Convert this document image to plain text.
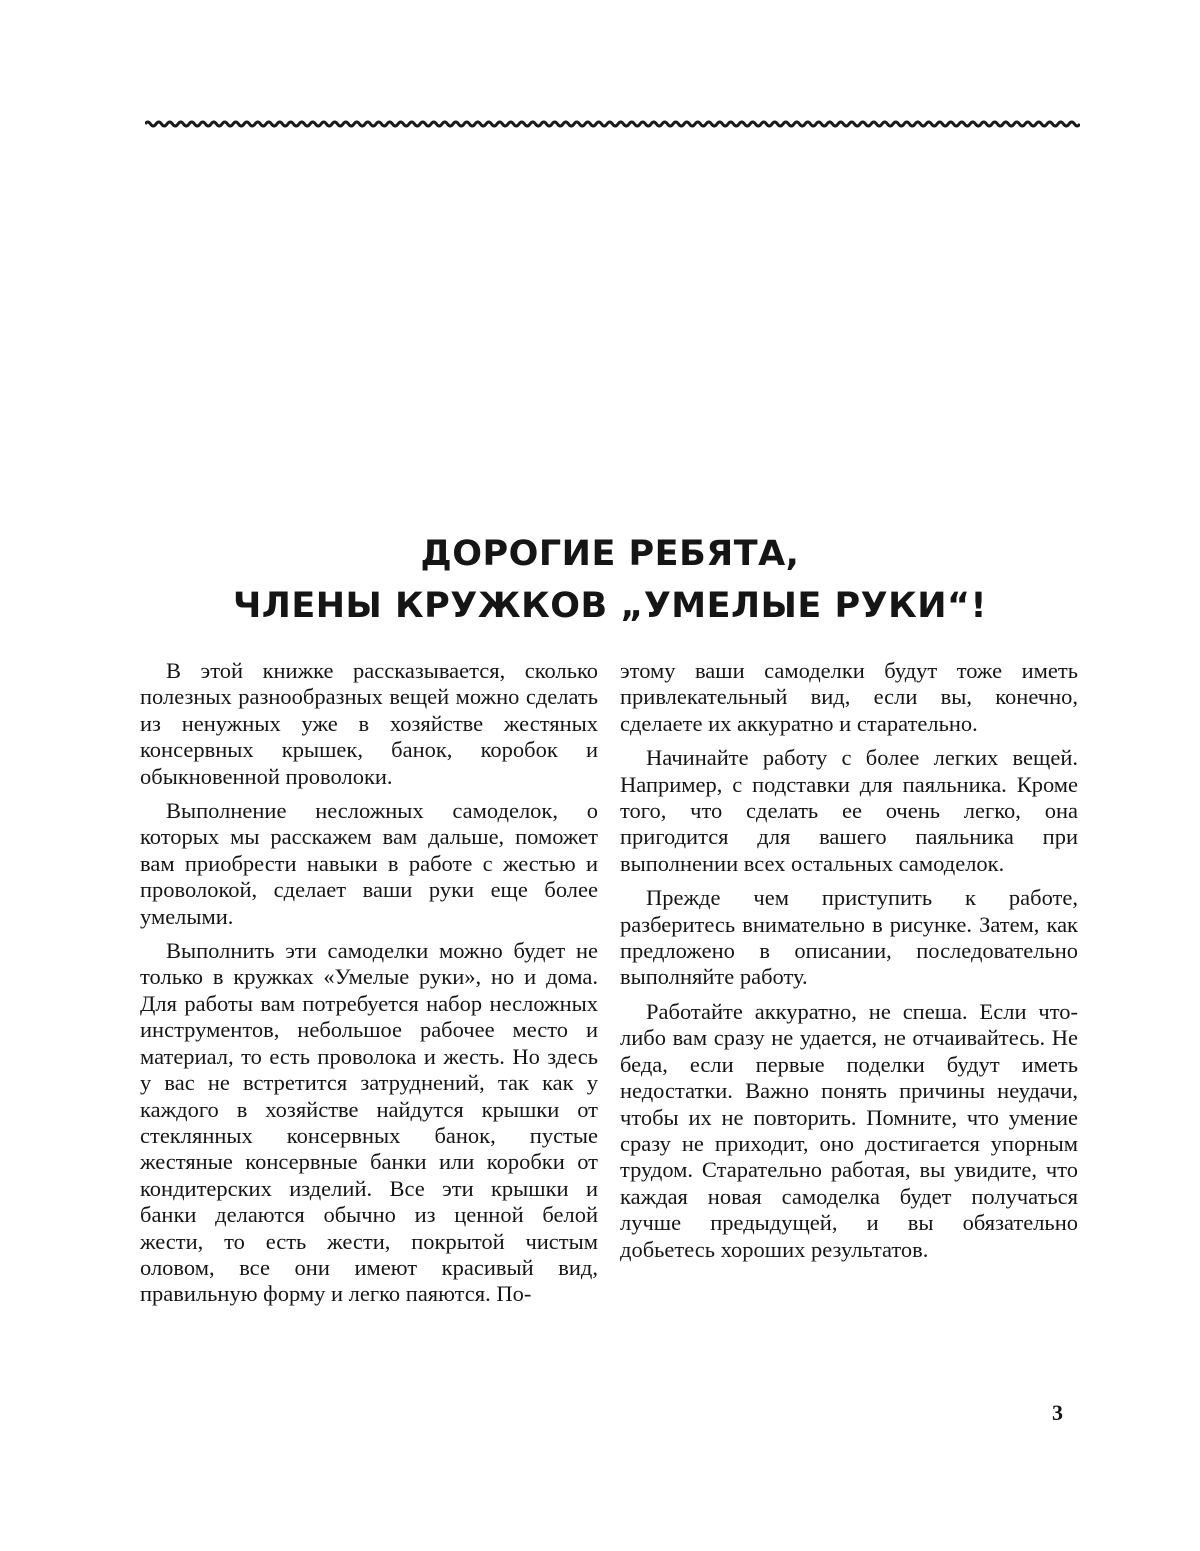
ДОРОГИЕ РЕБЯТА,
ЧЛЕНЫ КРУЖКОВ „УМЕЛЫЕ РУКИ“!

В этой книжке рассказывается, сколько полезных разнообразных вещей можно сделать из ненужных уже в хозяйстве жестяных консервных крышек, банок, коробок и обыкновенной проволоки.

Выполнение несложных самоделок, о которых мы расскажем вам дальше, поможет вам приобрести навыки в работе с жестью и проволокой, сделает ваши руки еще более умелыми.

Выполнить эти самоделки можно будет не только в кружках «Умелые руки», но и дома. Для работы вам потребуется набор несложных инструментов, небольшое рабочее место и материал, то есть проволока и жесть. Но здесь у вас не встретится затруднений, так как у каждого в хозяйстве найдутся крышки от стеклянных консервных банок, пустые жестяные консервные банки или коробки от кондитерских изделий. Все эти крышки и банки делаются обычно из ценной белой жести, то есть жести, покрытой чистым оловом, все они имеют красивый вид, правильную форму и легко паяются. По-

этому ваши самоделки будут тоже иметь привлекательный вид, если вы, конечно, сделаете их аккуратно и старательно.

Начинайте работу с более легких вещей. Например, с подставки для паяльника. Кроме того, что сделать ее очень легко, она пригодится для вашего паяльника при выполнении всех остальных самоделок.

Прежде чем приступить к работе, разберитесь внимательно в рисунке. Затем, как предложено в описании, последовательно выполняйте работу.

Работайте аккуратно, не спеша. Если что-либо вам сразу не удается, не отчаивайтесь. Не беда, если первые поделки будут иметь недостатки. Важно понять причины неудачи, чтобы их не повторить. Помните, что умение сразу не приходит, оно достигается упорным трудом. Старательно работая, вы увидите, что каждая новая самоделка будет получаться лучше предыдущей, и вы обязательно добьетесь хороших результатов.

3
